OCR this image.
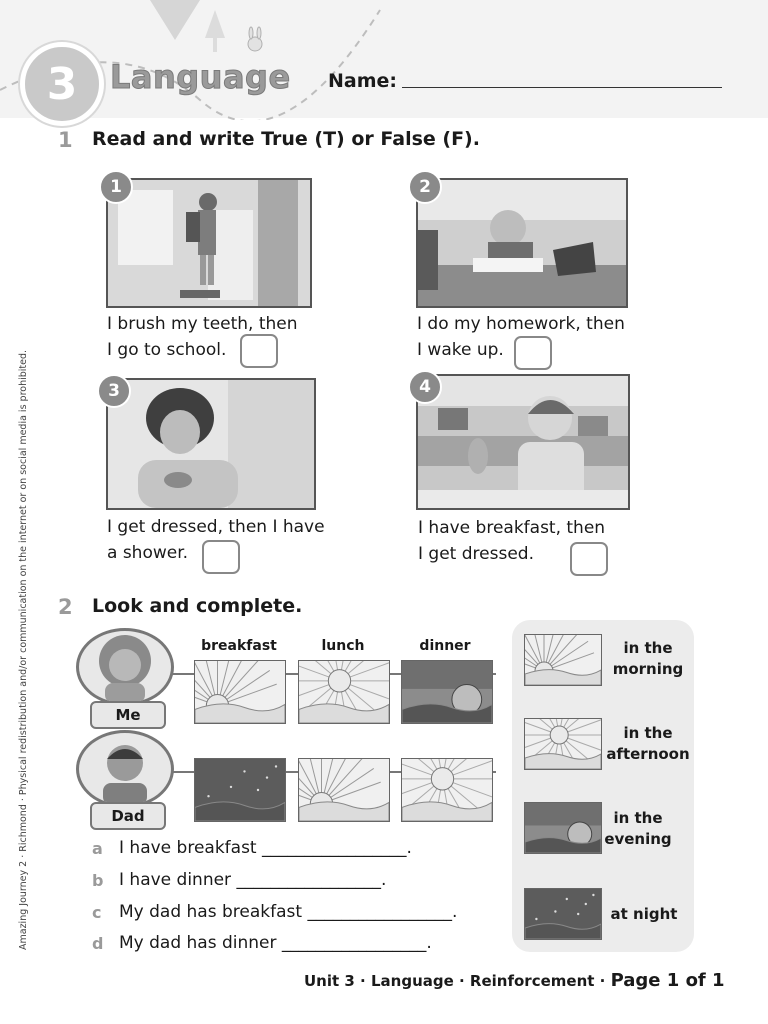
3	Language Name:
1 Read and write True (T) or False (F).
1
I brush my teeth, then
I go to school.
2
I do my homework, then
I wake up.
3
I get dressed, then I have
a shower.
4
I have breakfast, then
I get dressed.
2 Look and complete.
breakfast	lunch	dinner
Me
Dad
in the
morning
in the
afternoon
in the
evening
at night
a I have breakfast _________________.
b I have dinner _________________.
c My dad has breakfast _________________.
d My dad has dinner _________________.
Unit 3 · Language · Reinforcement · Page 1 of 1
Amazing Journey 2 · Richmond · Physical redistribution and/or communication on the internet or on social media is prohibited.
